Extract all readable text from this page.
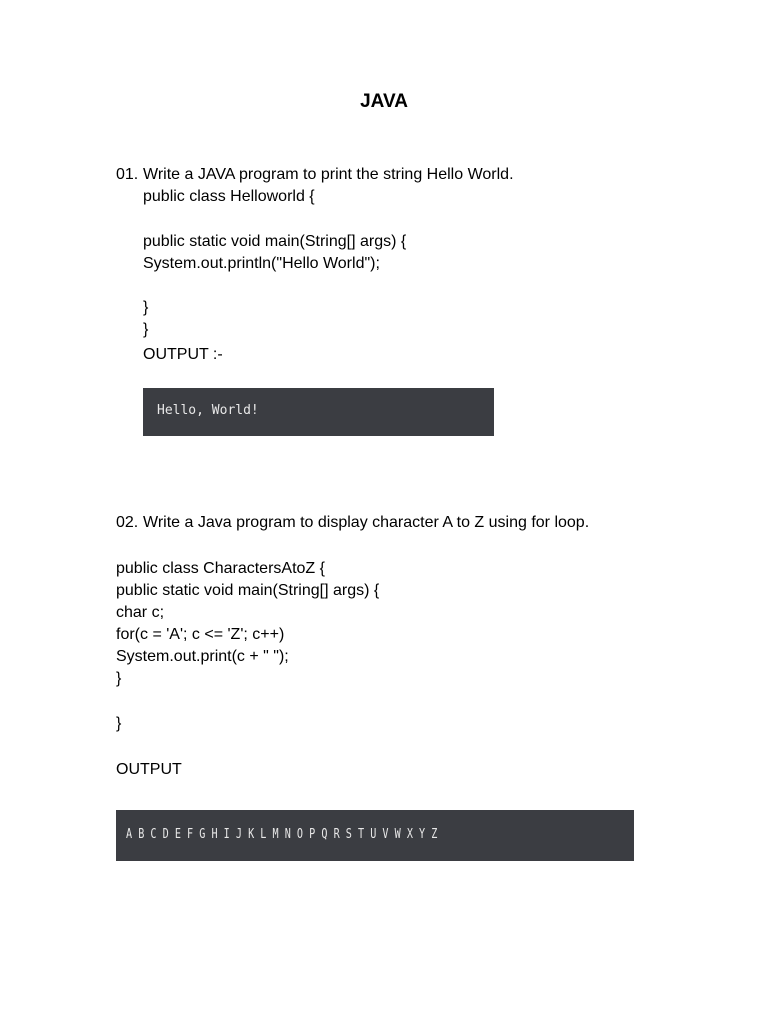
JAVA
01. Write a JAVA program to print the string Hello World.
public class Helloworld {
public static void main(String[] args) {
System.out.println("Hello World");
}
}
OUTPUT :-
Hello, World!
02. Write a Java program to display character A to Z using for loop.
public class CharactersAtoZ {
public static void main(String[] args) {
char c;
for(c = 'A'; c <= 'Z'; c++)
System.out.print(c + " ");
}
}
OUTPUT
A B C D E F G H I J K L M N O P Q R S T U V W X Y Z
